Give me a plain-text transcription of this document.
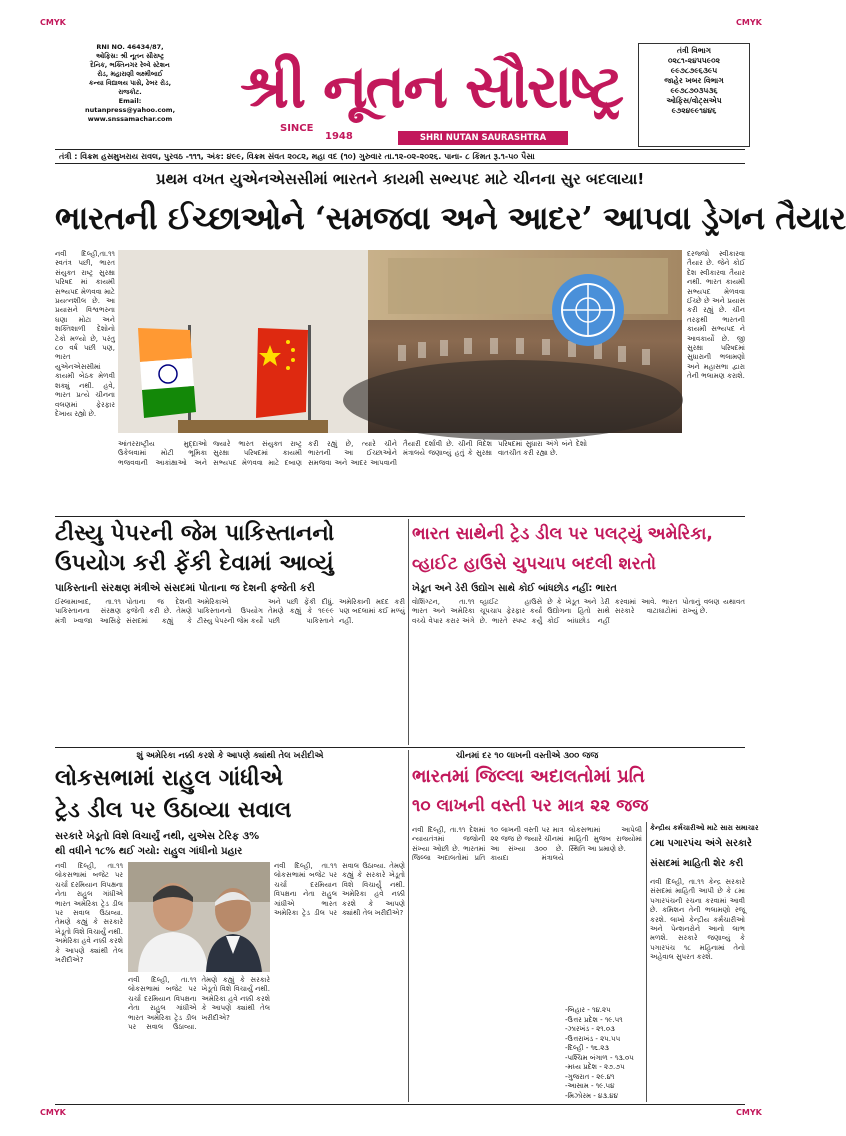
CMYK	CMYK
CMYK	CMYK
RNI NO. 46434/87,
ઓફિસ: શ્રી નૂતન સૌરાષ્ટ્ર
દૈનિક, ભક્તિનગર રેલ્વે સ્ટેશન
રોડ, મહારાણી લક્ષ્મીબાઈ
કન્યા વિદ્યાલય પાસે, ઢેબર રોડ,
રાજકોટ.
Email:
nutanpress@yahoo.com,
www.snssamachar.com	શ્રી નૂતન સૌરાષ્ટ્ર
SINCE
1948	SHRI NUTAN SAURASHTRA
તંત્રી વિભાગ
૦૨૮૧-૨૪૫૫૯૦૨
૯૯૭૮૭૯૬૩૯૫
જાહેર ખબર વિભાગ
૯૯૭૮૭૦૩૫૩૬
ઓફિસ/વોટ્સએપ
૯૭૨૪૯૯૧૪૪૬
તંત્રી : વિક્રમ હસમુખરાય રાવલ, પુરવઠ -૧૧૧, અંક: ૪૯૯, વિક્રમ સંવત ૨૦૮૨, મહા વદ (૧૦) ગુરુવાર તા.૧૨-૦૨-૨૦૨૬. પાના- ૮ કિંમત રૂ.૧-૫૦ પૈસા
પ્રથમ વખત યુએનએસસીમાં ભારતને કાયમી સભ્યપદ માટે ચીનના સુર બદલાયા!
ભારતની ઈચ્છાઓને ‘સમજવા અને આદર’ આપવા ડ્રેગન તૈયાર
નવી દિલ્હી,તા.૧૧ સ્વતંત્ર પછી, ભારત સંયુક્ત રાષ્ટ્ર સુરક્ષા પરિષદ માં કાયમી સભ્યપદ મેળવવા માટે પ્રયત્નશીલ છે. આ પ્રયાસને વિશ્વભરના ઘણા મોટા અને શક્તિશાળી દેશોનો ટેકો મળ્યો છે, પરંતુ ૮૦ વર્ષ પછી પણ, ભારત યુએનએસસીમાં કાયમી બેઠક મેળવી શક્યું નથી. હવે, ભારત પ્રત્યે ચીનના વલણમાં ફેરફાર દેખાય રહ્યો છે.
દરજ્જો સ્વીકારવા તૈયાર છે. જેને કોઈ દેશ સ્વીકારવા તૈયાર નથી. ભારત કાયમી સભ્યપદ મેળવવા ઈચ્છે છે અને પ્રયાસ કરી રહ્યું છે. ચીન તરફથી ભારતની કાયમી સભ્યપદ ને આવકાર્યો છે. જી સુરક્ષા પરિષદમાં સુધારાની ભલામણો અને મહાસભા દ્વારા તેની ભલામણ કરાશે.
આંતરરાષ્ટ્રીય મુદ્દાઓ ઉકેલવામાં મોટી ભૂમિકા ભજવવાની આકાંક્ષાઓ અને જ્યારે ભારત સંયુક્ત રાષ્ટ્ર સુરક્ષા પરિષદમાં કાયમી સભ્યપદ મેળવવા માટે દબાણ કરી રહ્યું છે, ત્યારે ચીને ભારતની આ ઈચ્છાઓને સમજવા અને આદર આપવાની તૈયારી દર્શાવી છે. ચીની વિદેશ મંત્રાલયે જણાવ્યું હતું કે સુરક્ષા પરિષદમાં સુધારા અંગે બંને દેશો વાતચીત કરી રહ્યા છે.
ટીસ્યુ પેપરની જેમ પાકિસ્તાનનો
ઉપયોગ કરી ફેંકી દેવામાં આવ્યું
પાકિસ્તાની સંરક્ષણ મંત્રીએ સંસદમાં પોતાના જ દેશની ફજેતી કરી
ઈસ્લામાબાદ, તા.૧૧ પાકિસ્તાનના સંરક્ષણ મંત્રી ખ્વાજા આસિફે પોતાના જ દેશની ફજેતી કરી છે. તેમણે સંસદમાં કહ્યું કે અમેરિકાએ પાકિસ્તાનનો ઉપયોગ ટીસ્યુ પેપરની જેમ કર્યો અને પછી ફેંકી દીધું. તેમણે કહ્યું કે ૧૯૯૯ પછી પાકિસ્તાને અમેરિકાની મદદ કરી પણ બદલામાં કઈ મળ્યું નહીં.
ભારત સાથેની ટ્રેડ ડીલ પર પલટ્યું અમેરિકા,
વ્હાઈટ હાઉસે ચુપચાપ બદલી શરતો
ખેડૂત અને ડેરી ઉદ્યોગ સાથે કોઈ બાંધછોડ નહીં: ભારત
વોશિંગ્ટન, તા.૧૧ ભારત અને અમેરિકા વચ્ચે વેપાર કરાર અંગે વ્હાઈટ હાઉસે ચૂપચાપ ફેરફાર કર્યા છે. ભારતે સ્પષ્ટ કર્યું છે કે ખેડૂત અને ડેરી ઉદ્યોગના હિતો સાથે કોઈ બાંધછોડ નહીં કરવામાં આવે. ભારત સરકારે વાટાઘાટોમાં પોતાનું વલણ યથાવત રાખ્યું છે.
શું અમેરિકા નક્કી કરશે કે આપણે ક્યાંથી તેલ ખરીદીએ
લોકસભામાં રાહુલ ગાંધીએ
ટ્રેડ ડીલ પર ઉઠાવ્યા સવાલ
સરકારે ખેડૂતો વિશે વિચાર્યું નથી, યુએસ ટેરિફ ૩%
થી વધીને ૧૮% થઈ ગયો: રાહુલ ગાંધીનો પ્રહાર
નવી દિલ્હી, તા.૧૧ લોકસભામાં બજેટ પર ચર્ચા દરમિયાન વિપક્ષના નેતા રાહુલ ગાંધીએ ભારત અમેરિકા ટ્રેડ ડીલ પર સવાલ ઉઠાવ્યા. તેમણે કહ્યું કે સરકારે ખેડૂતો વિશે વિચાર્યું નથી. અમેરિકા હવે નક્કી કરશે કે આપણે ક્યાંથી તેલ ખરીદીએ?
નવી દિલ્હી, તા.૧૧ લોકસભામાં બજેટ પર ચર્ચા દરમિયાન વિપક્ષના નેતા રાહુલ ગાંધીએ ભારત અમેરિકા ટ્રેડ ડીલ પર સવાલ ઉઠાવ્યા. તેમણે કહ્યું કે સરકારે ખેડૂતો વિશે વિચાર્યું નથી. અમેરિકા હવે નક્કી કરશે કે આપણે ક્યાંથી તેલ ખરીદીએ?
નવી દિલ્હી, તા.૧૧ લોકસભામાં બજેટ પર ચર્ચા દરમિયાન વિપક્ષના નેતા રાહુલ ગાંધીએ ભારત અમેરિકા ટ્રેડ ડીલ પર સવાલ ઉઠાવ્યા. તેમણે કહ્યું કે સરકારે ખેડૂતો વિશે વિચાર્યું નથી. અમેરિકા હવે નક્કી કરશે કે આપણે ક્યાંથી તેલ ખરીદીએ?
ચીનમાં દર ૧૦ લાખની વસ્તીએ ૩૦૦ જજ
ભારતમાં જિલ્લા અદાલતોમાં પ્રતિ
૧૦ લાખની વસ્તી પર માત્ર ૨૨ જજ
નવી દિલ્હી, તા.૧૧ દેશમાં ન્યાયતંત્રમાં જજોની સંખ્યા ઓછી છે. ભારતમાં જિલ્લા અદાલતોમાં પ્રતિ ૧૦ લાખની વસ્તી પર માત્ર ૨૨ જજ છે જ્યારે ચીનમાં આ સંખ્યા ૩૦૦ છે. કાયદા મંત્રાલયે લોકસભામાં આપેલી માહિતી મુજબ રાજ્યોમાં સ્થિતિ આ પ્રમાણે છે.
-બિહાર - ૧૪.૨૫
-ઉત્તર પ્રદેશ - ૧૯.૫૧
-ઝારખંડ - ૨૧.૦૩
-ઉત્તરાખંડ - ૨૫.૫૫
-દિલ્હી - ૧૬.૨૩
-પશ્ચિમ બંગાળ - ૧૩.૦૫
-મધ્ય પ્રદેશ - ૨૭.૭૫
-ગુજરાત - ૨૯.૪૧
-આસામ - ૧૯.૫૪
-મિઝોરમ - ૪૩.૪૪
કેન્દ્રીય કર્મચારીઓ માટે સારા સમાચાર
૮મા પગારપંચ અંગે સરકારે
સંસદમાં માહિતી શેર કરી
નવી દિલ્હી, તા.૧૧ કેન્દ્ર સરકારે સંસદમાં માહિતી આપી છે કે ૮મા પગારપંચની રચના કરવામાં આવી છે. કમિશન તેની ભલામણો રજૂ કરશે. લાખો કેન્દ્રીય કર્મચારીઓ અને પેન્શનરોને આનો લાભ મળશે. સરકારે જણાવ્યું કે પગારપંચ ૧૮ મહિનામાં તેનો અહેવાલ સુપરત કરશે.
